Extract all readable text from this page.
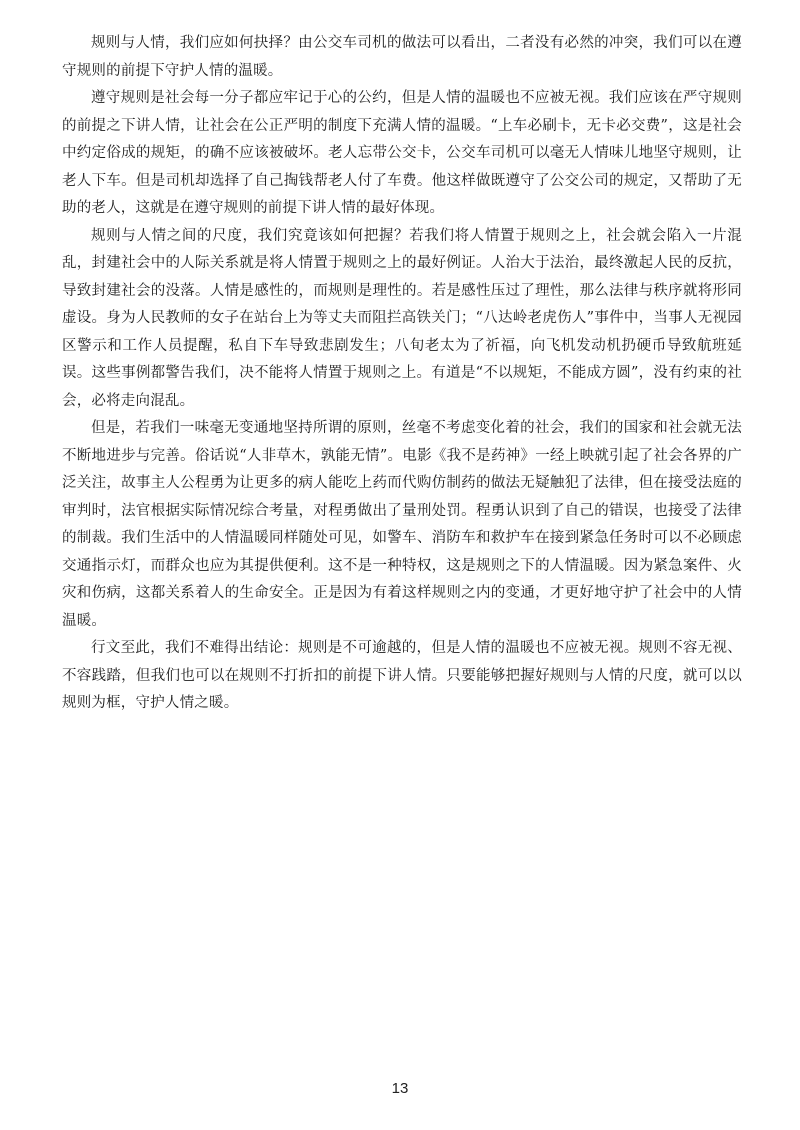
规则与人情，我们应如何抉择？由公交车司机的做法可以看出，二者没有必然的冲突，我们可以在遵守规则的前提下守护人情的温暖。

遵守规则是社会每一分子都应牢记于心的公约，但是人情的温暖也不应被无视。我们应该在严守规则的前提之下讲人情，让社会在公正严明的制度下充满人情的温暖。“上车必刷卡，无卡必交费”，这是社会中约定俗成的规矩，的确不应该被破坏。老人忘带公交卡，公交车司机可以毫无人情味儿地坚守规则，让老人下车。但是司机却选择了自己掏钱帮老人付了车费。他这样做既遵守了公交公司的规定，又帮助了无助的老人，这就是在遵守规则的前提下讲人情的最好体现。

规则与人情之间的尺度，我们究竟该如何把握？若我们将人情置于规则之上，社会就会陷入一片混乱，封建社会中的人际关系就是将人情置于规则之上的最好例证。人治大于法治，最终激起人民的反抗，导致封建社会的没落。人情是感性的，而规则是理性的。若是感性压过了理性，那么法律与秩序就将形同虚设。身为人民教师的女子在站台上为等丈夫而阻拦高铁关门；“八达岭老虎伤人”事件中，当事人无视园区警示和工作人员提醒，私自下车导致悲剧发生；八旬老太为了祈福，向飞机发动机扔硬币导致航班延误。这些事例都警告我们，决不能将人情置于规则之上。有道是“不以规矩，不能成方圆”，没有约束的社会，必将走向混乱。

但是，若我们一味毫无变通地坚持所谓的原则，丝毫不考虑变化着的社会，我们的国家和社会就无法不断地进步与完善。俗话说“人非草木，孰能无情”。电影《我不是药神》一经上映就引起了社会各界的广泛关注，故事主人公程勇为让更多的病人能吃上药而代购仿制药的做法无疑触犯了法律，但在接受法庭的审判时，法官根据实际情况综合考量，对程勇做出了量刑处罚。程勇认识到了自己的错误，也接受了法律的制裁。我们生活中的人情温暖同样随处可见，如警车、消防车和救护车在接到紧急任务时可以不必顾虑交通指示灯，而群众也应为其提供便利。这不是一种特权，这是规则之下的人情温暖。因为紧急案件、火灾和伤病，这都关系着人的生命安全。正是因为有着这样规则之内的变通，才更好地守护了社会中的人情温暖。

行文至此，我们不难得出结论：规则是不可逾越的，但是人情的温暖也不应被无视。规则不容无视、不容践踏，但我们也可以在规则不打折扣的前提下讲人情。只要能够把握好规则与人情的尺度，就可以以规则为框，守护人情之暖。

13
